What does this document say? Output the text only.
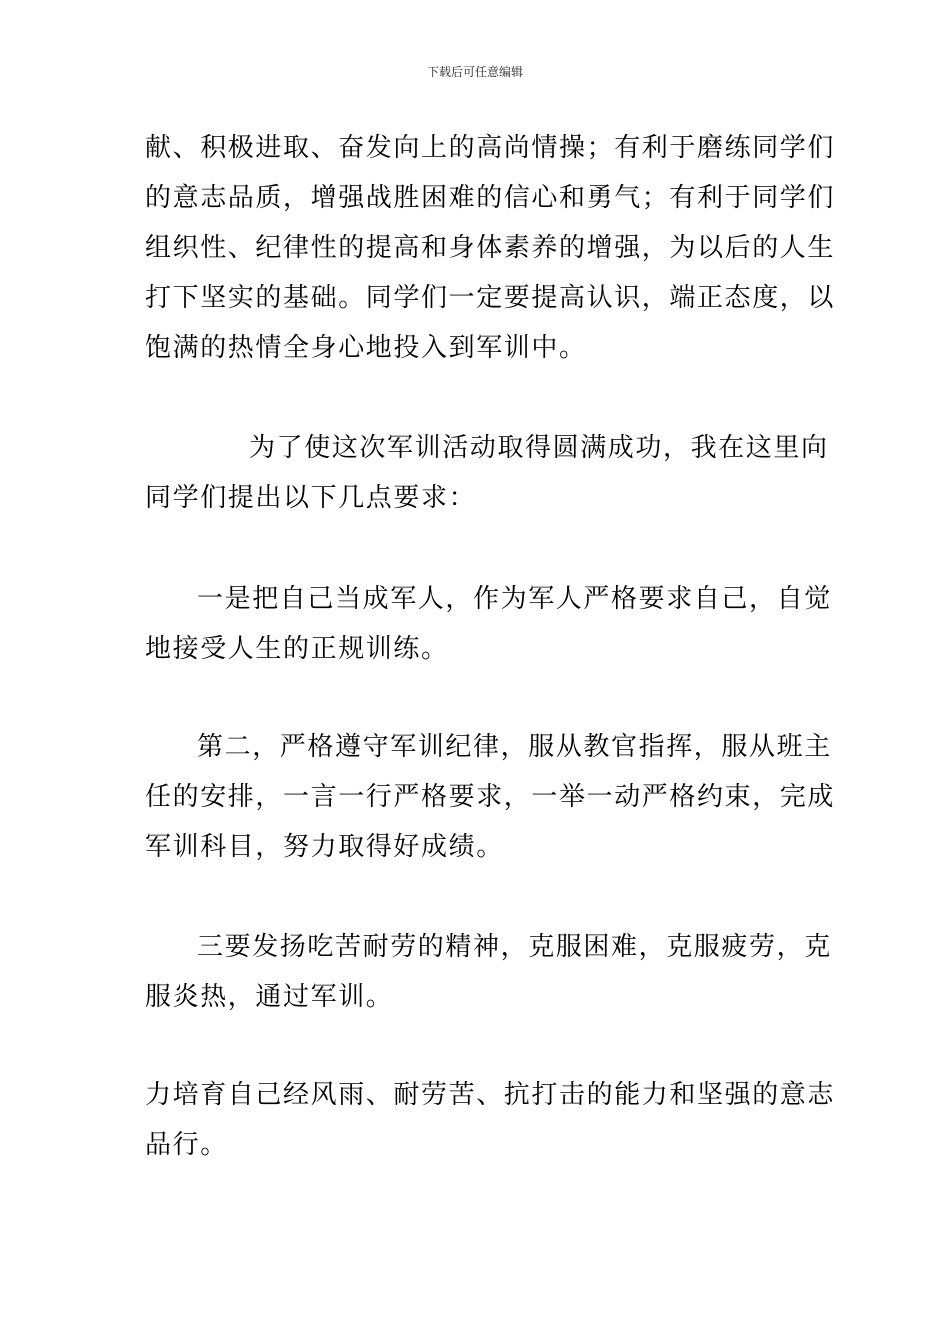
下载后可任意编辑
献、积极进取、奋发向上的高尚情操；有利于磨练同学们
的意志品质，增强战胜困难的信心和勇气；有利于同学们
组织性、纪律性的提高和身体素养的增强，为以后的人生
打下坚实的基础。同学们一定要提高认识，端正态度，以
饱满的热情全身心地投入到军训中。
为了使这次军训活动取得圆满成功，我在这里向
同学们提出以下几点要求：
一是把自己当成军人，作为军人严格要求自己，自觉
地接受人生的正规训练。
第二，严格遵守军训纪律，服从教官指挥，服从班主
任的安排，一言一行严格要求，一举一动严格约束，完成
军训科目，努力取得好成绩。
三要发扬吃苦耐劳的精神，克服困难，克服疲劳，克
服炎热，通过军训。
力培育自己经风雨、耐劳苦、抗打击的能力和坚强的意志
品行。
